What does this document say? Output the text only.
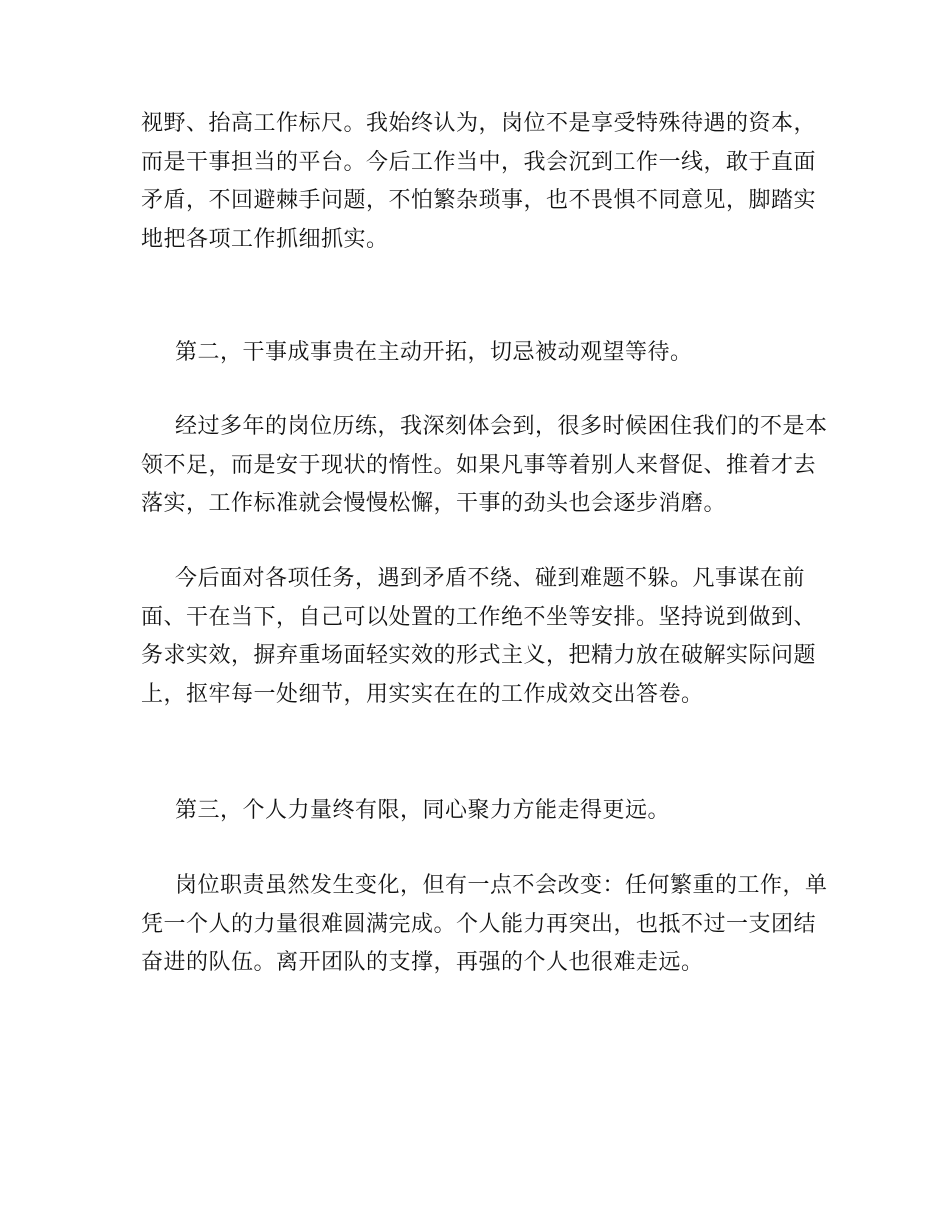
视野、抬高工作标尺。我始终认为，岗位不是享受特殊待遇的资本，
而是干事担当的平台。今后工作当中，我会沉到工作一线，敢于直面
矛盾，不回避棘手问题，不怕繁杂琐事，也不畏惧不同意见，脚踏实
地把各项工作抓细抓实。
第二，干事成事贵在主动开拓，切忌被动观望等待。
经过多年的岗位历练，我深刻体会到，很多时候困住我们的不是本
领不足，而是安于现状的惰性。如果凡事等着别人来督促、推着才去
落实，工作标准就会慢慢松懈，干事的劲头也会逐步消磨。
今后面对各项任务，遇到矛盾不绕、碰到难题不躲。凡事谋在前
面、干在当下，自己可以处置的工作绝不坐等安排。坚持说到做到、
务求实效，摒弃重场面轻实效的形式主义，把精力放在破解实际问题
上，抠牢每一处细节，用实实在在的工作成效交出答卷。
第三，个人力量终有限，同心聚力方能走得更远。
岗位职责虽然发生变化，但有一点不会改变：任何繁重的工作，单
凭一个人的力量很难圆满完成。个人能力再突出，也抵不过一支团结
奋进的队伍。离开团队的支撑，再强的个人也很难走远。
